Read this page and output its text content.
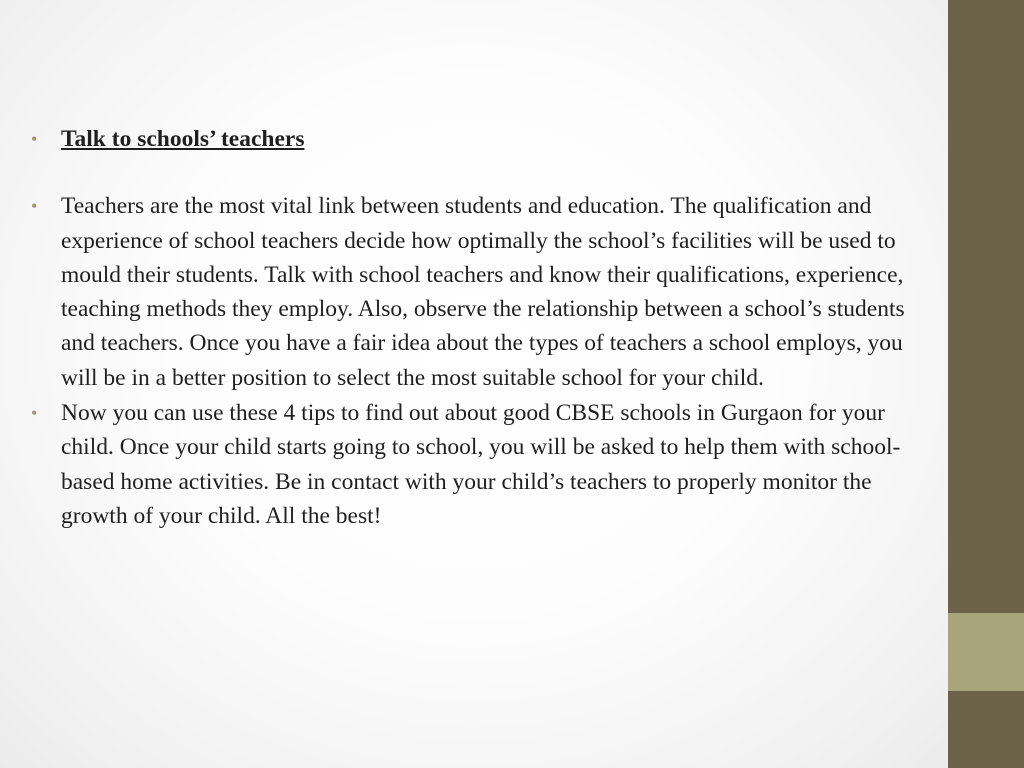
• Talk to schools’ teachers
• Teachers are the most vital link between students and education. The qualification and experience of school teachers decide how optimally the school’s facilities will be used to mould their students. Talk with school teachers and know their qualifications, experience, teaching methods they employ. Also, observe the relationship between a school’s students and teachers. Once you have a fair idea about the types of teachers a school employs, you will be in a better position to select the most suitable school for your child.
• Now you can use these 4 tips to find out about good CBSE schools in Gurgaon for your child. Once your child starts going to school, you will be asked to help them with school-based home activities. Be in contact with your child’s teachers to properly monitor the growth of your child. All the best!
